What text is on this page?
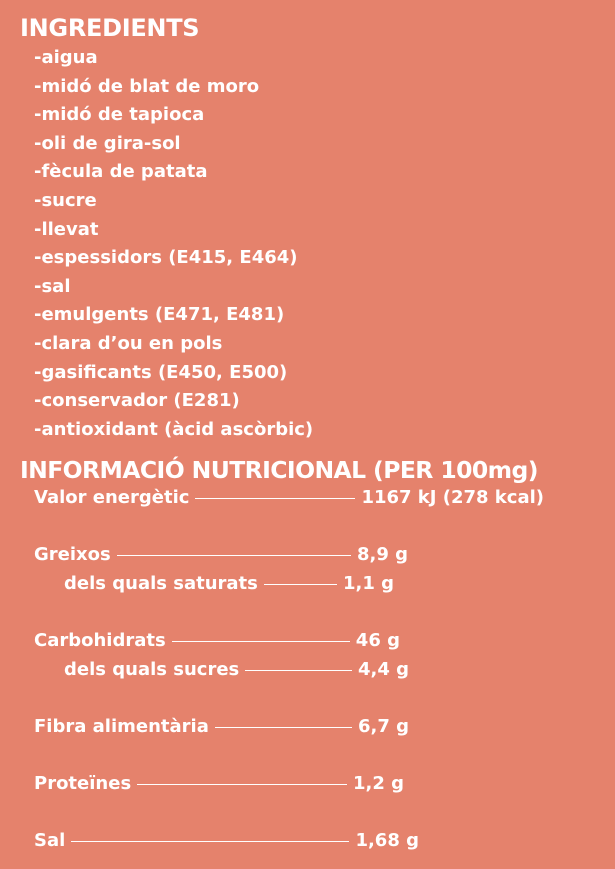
INGREDIENTS
-aigua
-midó de blat de moro
-midó de tapioca
-oli de gira-sol
-fècula de patata
-sucre
-llevat
-espessidors (E415, E464)
-sal
-emulgents (E471, E481)
-clara d’ou en pols
-gasificants (E450, E500)
-conservador (E281)
-antioxidant (àcid ascòrbic)
INFORMACIÓ NUTRICIONAL (PER 100mg)
Valor energètic	1167 kJ (278 kcal)
Greixos	8,9 g
dels quals saturats	1,1 g
Carbohidrats	46 g
dels quals sucres	4,4 g
Fibra alimentària	6,7 g
Proteïnes	1,2 g
Sal	1,68 g
